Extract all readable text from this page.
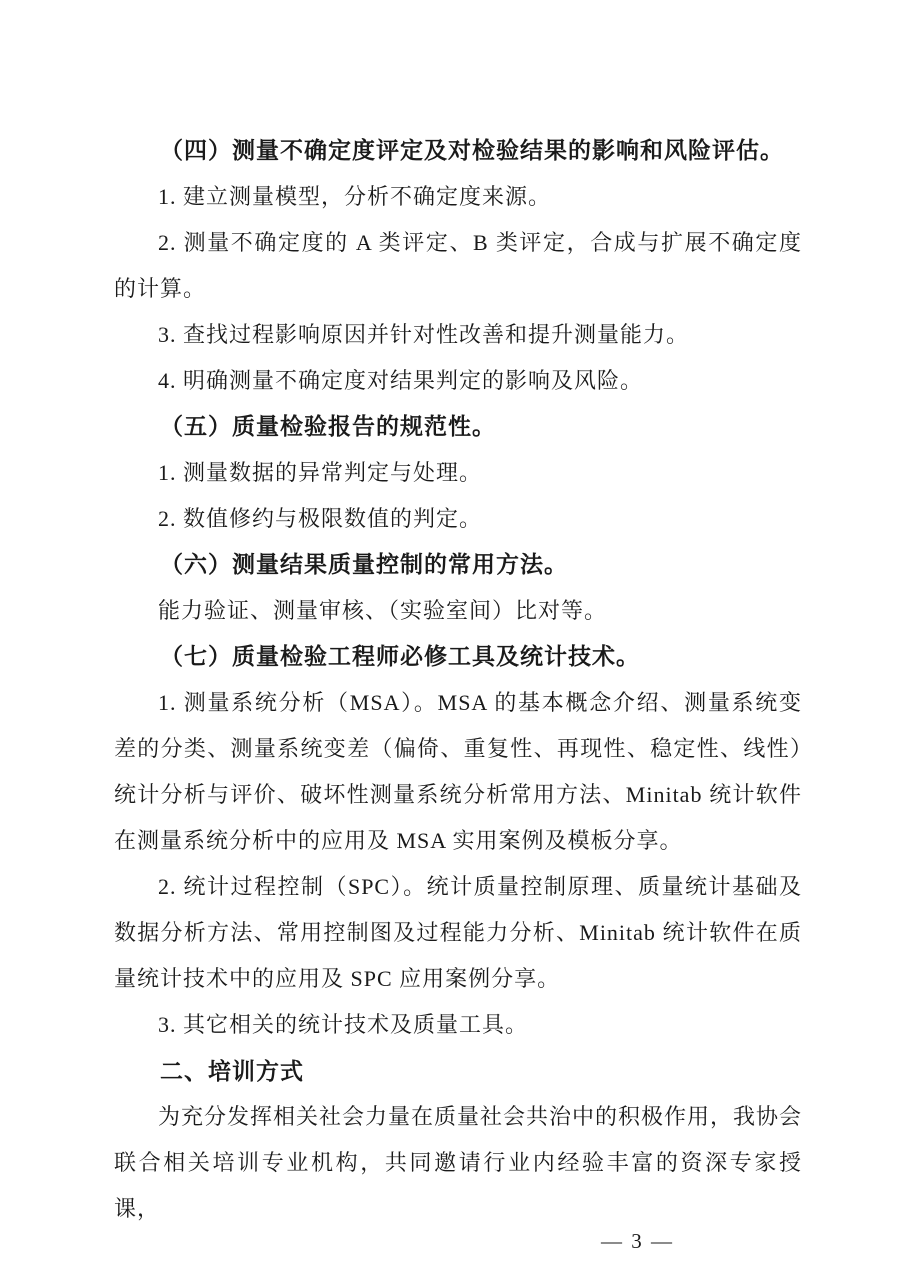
（四）测量不确定度评定及对检验结果的影响和风险评估。
1. 建立测量模型，分析不确定度来源。
2. 测量不确定度的 A 类评定、B 类评定，合成与扩展不确定度的计算。
3. 查找过程影响原因并针对性改善和提升测量能力。
4. 明确测量不确定度对结果判定的影响及风险。
（五）质量检验报告的规范性。
1. 测量数据的异常判定与处理。
2. 数值修约与极限数值的判定。
（六）测量结果质量控制的常用方法。
能力验证、测量审核、（实验室间）比对等。
（七）质量检验工程师必修工具及统计技术。
1. 测量系统分析（MSA）。MSA 的基本概念介绍、测量系统变差的分类、测量系统变差（偏倚、重复性、再现性、稳定性、线性）统计分析与评价、破坏性测量系统分析常用方法、Minitab 统计软件在测量系统分析中的应用及 MSA 实用案例及模板分享。
2. 统计过程控制（SPC）。统计质量控制原理、质量统计基础及数据分析方法、常用控制图及过程能力分析、Minitab 统计软件在质量统计技术中的应用及 SPC 应用案例分享。
3. 其它相关的统计技术及质量工具。
二、培训方式
为充分发挥相关社会力量在质量社会共治中的积极作用，我协会联合相关培训专业机构，共同邀请行业内经验丰富的资深专家授课，
— 3 —
